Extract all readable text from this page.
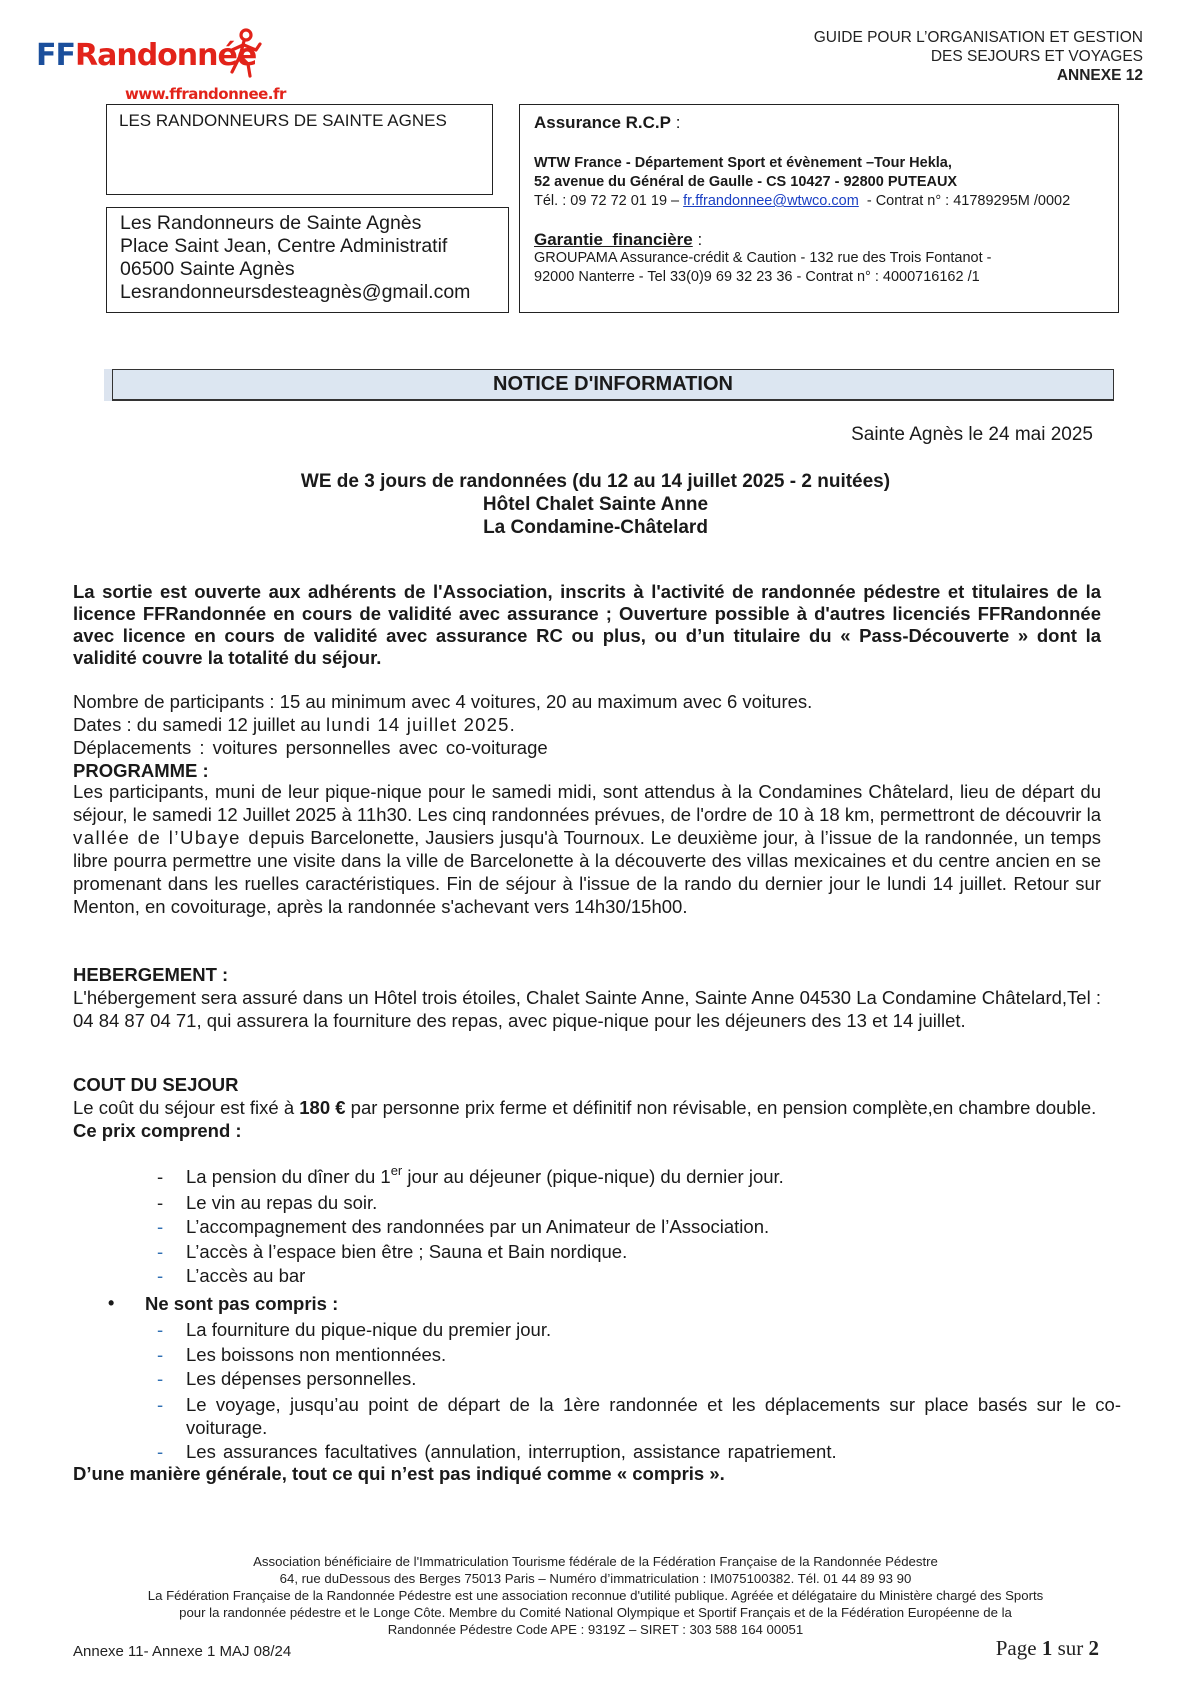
FFRandonnée
www.ffrandonnee.fr
GUIDE POUR L’ORGANISATION ET GESTION
DES SEJOURS ET VOYAGES
ANNEXE 12
LES RANDONNEURS DE SAINTE AGNES
Les Randonneurs de Sainte Agnès
Place Saint Jean, Centre Administratif
06500 Sainte Agnès
Lesrandonneursdesteagnès@gmail.com
Assurance R.C.P :
WTW France - Département Sport et évènement –Tour Hekla,
52 avenue du Général de Gaulle - CS 10427 - 92800 PUTEAUX
Tél. : 09 72 72 01 19 – fr.ffrandonnee@wtwco.com  - Contrat n° : 41789295M /0002
Garantie  financière :
GROUPAMA Assurance-crédit & Caution - 132 rue des Trois Fontanot -
92000 Nanterre - Tel 33(0)9 69 32 23 36 - Contrat n° : 4000716162 /1
NOTICE D'INFORMATION
Sainte Agnès le 24 mai 2025
WE de 3 jours de randonnées (du 12 au 14 juillet 2025 - 2 nuitées)
Hôtel Chalet Sainte Anne
La Condamine-Châtelard
La sortie est ouverte aux adhérents de l'Association, inscrits à l'activité de randonnée pédestre et titulaires de la licence FFRandonnée en cours de validité avec assurance ; Ouverture possible à d'autres licenciés FFRandonnée avec licence en cours de validité avec assurance RC ou plus, ou d’un titulaire du « Pass-Découverte » dont la validité couvre la totalité du séjour.
Nombre de participants : 15 au minimum avec 4 voitures, 20 au maximum avec 6 voitures.
Dates : du samedi 12 juillet au lundi 14 juillet 2025.
Déplacements : voitures personnelles avec co-voiturage
PROGRAMME :
Les participants, muni de leur pique-nique pour le samedi midi, sont attendus à la Condamines Châtelard, lieu de départ du séjour, le samedi 12 Juillet 2025 à 11h30. Les cinq randonnées prévues, de l'ordre de 10 à 18 km, permettront de découvrir la vallée de l’Ubaye depuis Barcelonette, Jausiers jusqu'à Tournoux. Le deuxième jour, à l’issue de la randonnée, un temps libre pourra permettre une visite dans la ville de Barcelonette à la découverte des villas mexicaines et du centre ancien en se promenant dans les ruelles caractéristiques. Fin de séjour à l'issue de la rando du dernier jour le lundi 14 juillet. Retour sur Menton, en covoiturage, après la randonnée s'achevant vers 14h30/15h00.
HEBERGEMENT :
L'hébergement sera assuré dans un Hôtel trois étoiles, Chalet Sainte Anne, Sainte Anne 04530 La Condamine Châtelard,Tel : 04 84 87 04 71, qui assurera la fourniture des repas, avec pique-nique pour les déjeuners des 13 et 14 juillet.
COUT DU SEJOUR
Le coût du séjour est fixé à 180 € par personne prix ferme et définitif non révisable, en pension complète,en chambre double.
Ce prix comprend :
- La pension du dîner du 1er jour au déjeuner (pique-nique) du dernier jour.
- Le vin au repas du soir.
- L’accompagnement des randonnées par un Animateur de l’Association.
- L’accès à l’espace bien être ; Sauna et Bain nordique.
- L’accès au bar
• Ne sont pas compris :
- La fourniture du pique-nique du premier jour.
- Les boissons non mentionnées.
- Les dépenses personnelles.
- Le voyage, jusqu’au point de départ de la 1ère randonnée et les déplacements sur place basés sur le co-voiturage.
- Les assurances facultatives (annulation, interruption, assistance rapatriement.
D’une manière générale, tout ce qui n’est pas indiqué comme « compris ».
Association bénéficiaire de l'Immatriculation Tourisme fédérale de la Fédération Française de la Randonnée Pédestre
64, rue duDessous des Berges 75013 Paris – Numéro d’immatriculation : IM075100382. Tél. 01 44 89 93 90
La Fédération Française de la Randonnée Pédestre est une association reconnue d'utilité publique. Agréée et délégataire du Ministère chargé des Sports
pour la randonnée pédestre et le Longe Côte. Membre du Comité National Olympique et Sportif Français et de la Fédération Européenne de la
Randonnée Pédestre Code APE : 9319Z – SIRET : 303 588 164 00051
Annexe 11- Annexe 1 MAJ 08/24	Page 1 sur 2
